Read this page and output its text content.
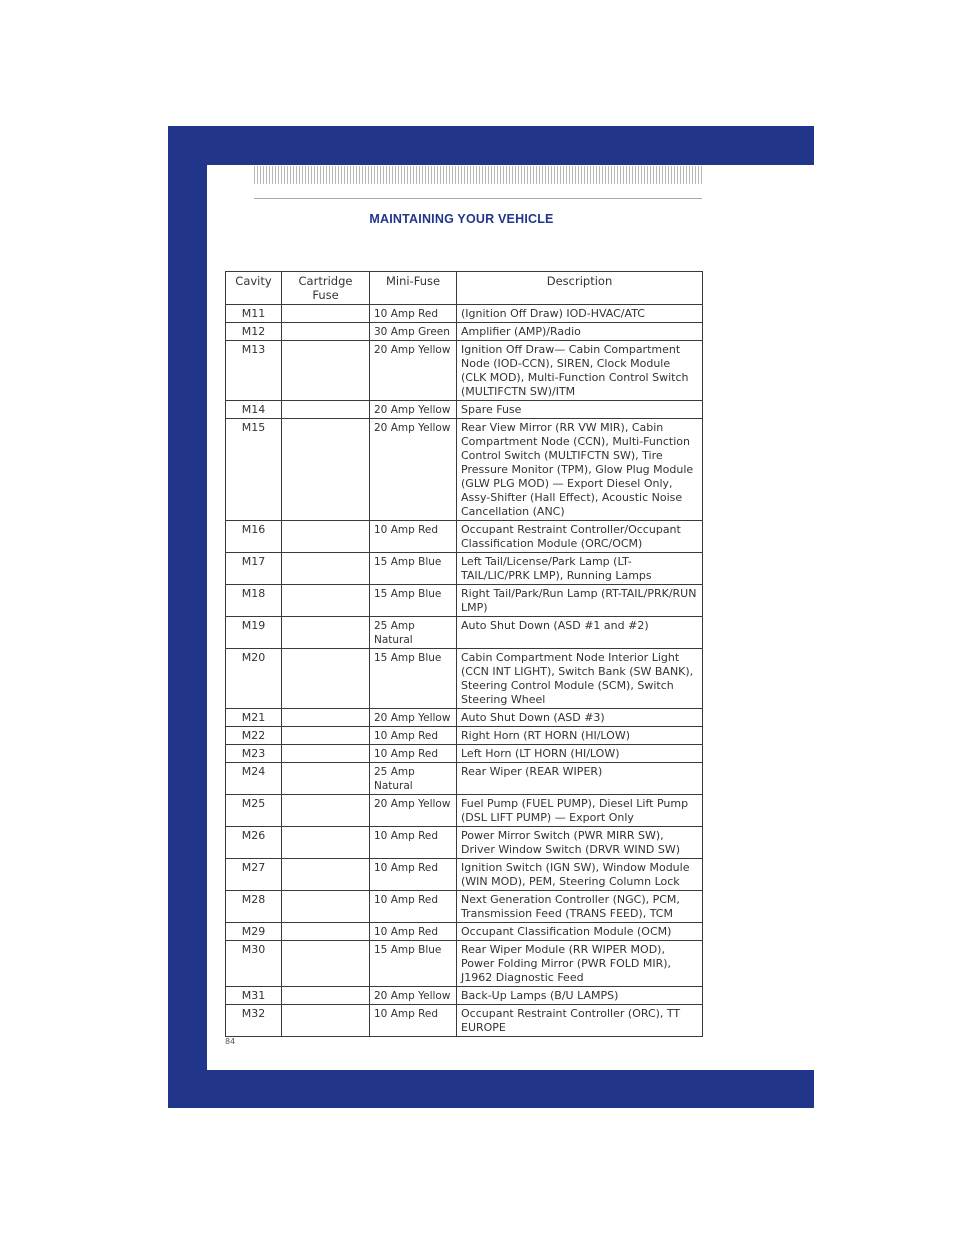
MAINTAINING YOUR VEHICLE
Cavity	Cartridge Fuse	Mini-Fuse	Description
M11		10 Amp Red	(Ignition Off Draw) IOD-HVAC/ATC
M12		30 Amp Green	Amplifier (AMP)/Radio
M13		20 Amp Yellow	Ignition Off Draw— Cabin Compartment Node (IOD-CCN), SIREN, Clock Module (CLK MOD), Multi-Function Control Switch (MULTIFCTN SW)/ITM
M14		20 Amp Yellow	Spare Fuse
M15		20 Amp Yellow	Rear View Mirror (RR VW MIR), Cabin Compartment Node (CCN), Multi-Function Control Switch (MULTIFCTN SW), Tire Pressure Monitor (TPM), Glow Plug Module (GLW PLG MOD) — Export Diesel Only, Assy-Shifter (Hall Effect), Acoustic Noise Cancellation (ANC)
M16		10 Amp Red	Occupant Restraint Controller/Occupant Classification Module (ORC/OCM)
M17		15 Amp Blue	Left Tail/License/Park Lamp (LT-TAIL/LIC/PRK LMP), Running Lamps
M18		15 Amp Blue	Right Tail/Park/Run Lamp (RT-TAIL/PRK/RUN LMP)
M19		25 Amp Natural	Auto Shut Down (ASD #1 and #2)
M20		15 Amp Blue	Cabin Compartment Node Interior Light (CCN INT LIGHT), Switch Bank (SW BANK), Steering Control Module (SCM), Switch Steering Wheel
M21		20 Amp Yellow	Auto Shut Down (ASD #3)
M22		10 Amp Red	Right Horn (RT HORN (HI/LOW)
M23		10 Amp Red	Left Horn (LT HORN (HI/LOW)
M24		25 Amp Natural	Rear Wiper (REAR WIPER)
M25		20 Amp Yellow	Fuel Pump (FUEL PUMP), Diesel Lift Pump (DSL LIFT PUMP) — Export Only
M26		10 Amp Red	Power Mirror Switch (PWR MIRR SW), Driver Window Switch (DRVR WIND SW)
M27		10 Amp Red	Ignition Switch (IGN SW), Window Module (WIN MOD), PEM, Steering Column Lock
M28		10 Amp Red	Next Generation Controller (NGC), PCM, Transmission Feed (TRANS FEED), TCM
M29		10 Amp Red	Occupant Classification Module (OCM)
M30		15 Amp Blue	Rear Wiper Module (RR WIPER MOD), Power Folding Mirror (PWR FOLD MIR), J1962 Diagnostic Feed
M31		20 Amp Yellow	Back-Up Lamps (B/U LAMPS)
M32		10 Amp Red	Occupant Restraint Controller (ORC), TT EUROPE
84
